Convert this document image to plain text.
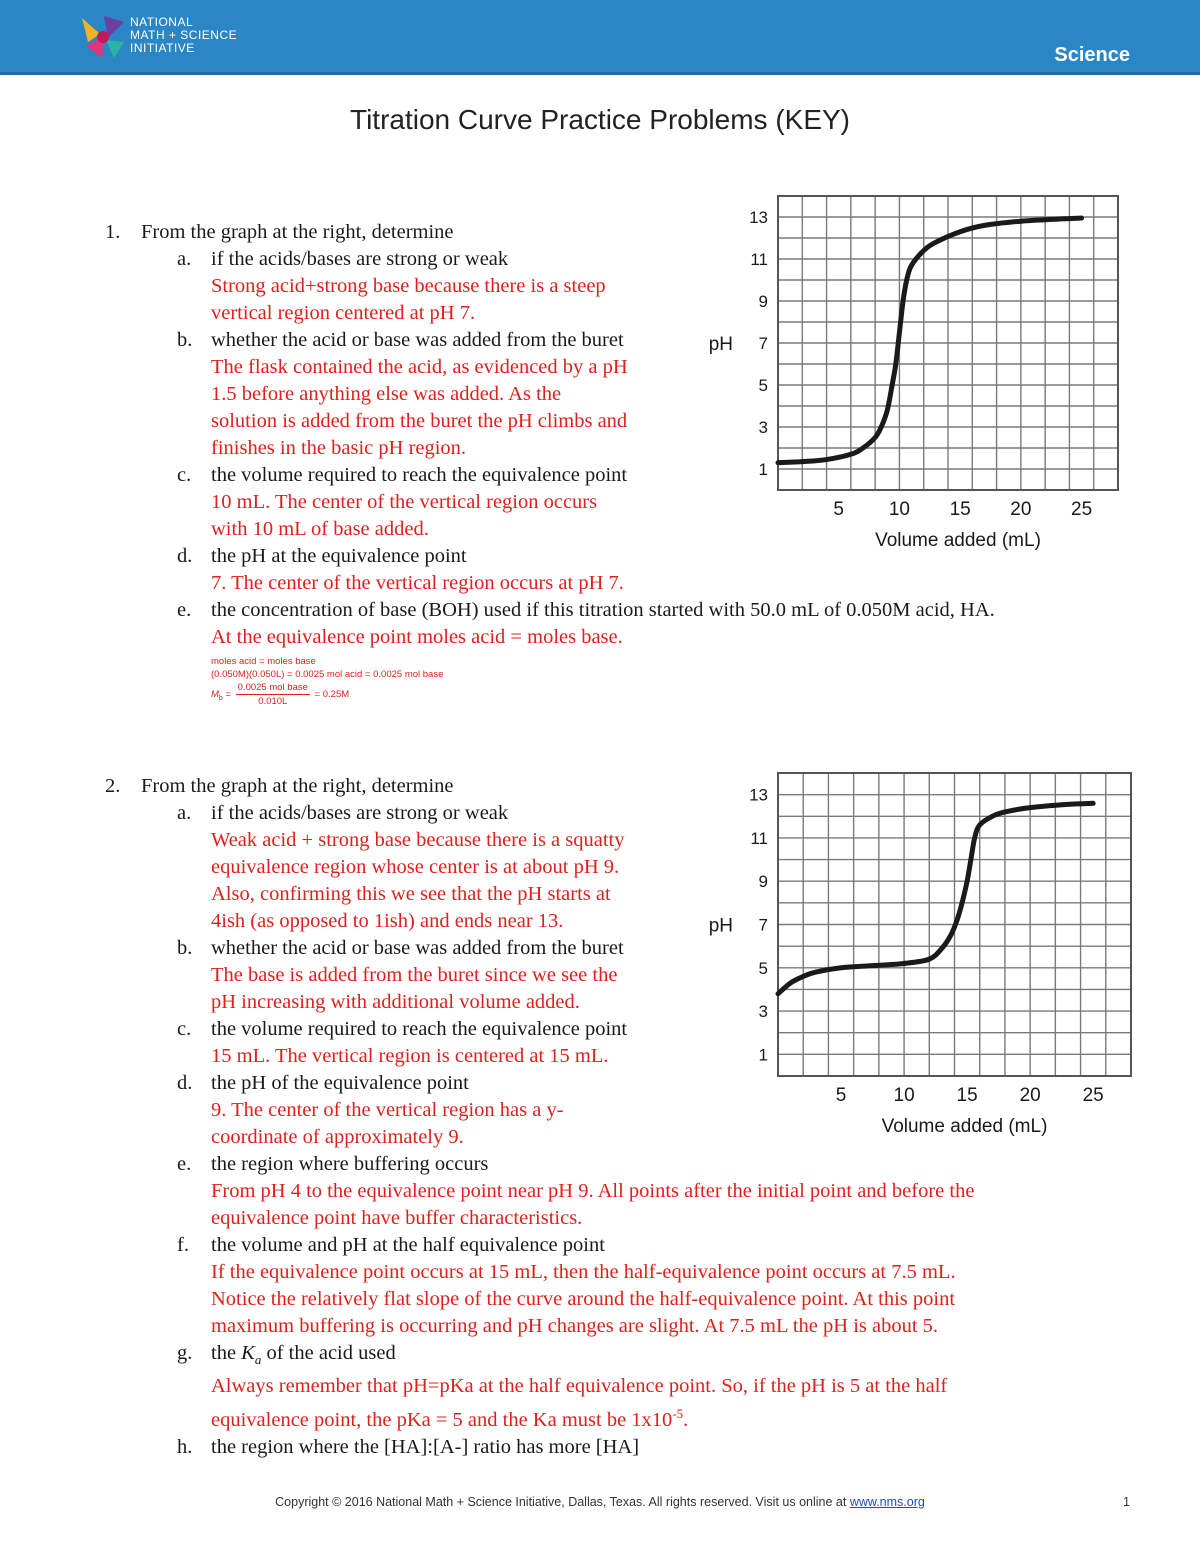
NATIONAL
MATH + SCIENCE
INITIATIVE	Science
Titration Curve Practice Problems (KEY)
1. From the graph at the right, determine
a. if the acids/bases are strong or weak
Strong acid+strong base because there is a steep
vertical region centered at pH 7.
b. whether the acid or base was added from the buret
The flask contained the acid, as evidenced by a pH
1.5 before anything else was added. As the
solution is added from the buret the pH climbs and
finishes in the basic pH region.
c. the volume required to reach the equivalence point
10 mL. The center of the vertical region occurs
with 10 mL of base added.
d. the pH at the equivalence point
7. The center of the vertical region occurs at pH 7.
e. the concentration of base (BOH) used if this titration started with 50.0 mL of 0.050M acid, HA.
At the equivalence point moles acid = moles base.
moles acid = moles base
(0.050M)(0.050L) = 0.0025 mol acid = 0.0025 mol base
$M_b = \frac{\text{0.0025 mol base}}{0.010L} = 0.25M$
1
3
5
7
9
11
13
5 10 15 20 25
pH
Volume added (mL)
2. From the graph at the right, determine
a. if the acids/bases are strong or weak
Weak acid + strong base because there is a squatty
equivalence region whose center is at about pH 9.
Also, confirming this we see that the pH starts at
4ish (as opposed to 1ish) and ends near 13.
b. whether the acid or base was added from the buret
The base is added from the buret since we see the
pH increasing with additional volume added.
c. the volume required to reach the equivalence point
15 mL. The vertical region is centered at 15 mL.
d. the pH of the equivalence point
9. The center of the vertical region has a y-
coordinate of approximately 9.
e. the region where buffering occurs
From pH 4 to the equivalence point near pH 9. All points after the initial point and before the
equivalence point have buffer characteristics.
f. the volume and pH at the half equivalence point
If the equivalence point occurs at 15 mL, then the half-equivalence point occurs at 7.5 mL.
Notice the relatively flat slope of the curve around the half-equivalence point. At this point
maximum buffering is occurring and pH changes are slight. At 7.5 mL the pH is about 5.
g. the $K_a$ of the acid used
Always remember that pH=pKa at the half equivalence point. So, if the pH is 5 at the half
equivalence point, the pKa = 5 and the Ka must be $1x10^{-5}$.
h. the region where the [HA]:[A-] ratio has more [HA]
1
3
5
7
9
11
13
5 10 15 20 25
pH
Volume added (mL)
Copyright © 2016 National Math + Science Initiative, Dallas, Texas. All rights reserved. Visit us online at www.nms.org	1
